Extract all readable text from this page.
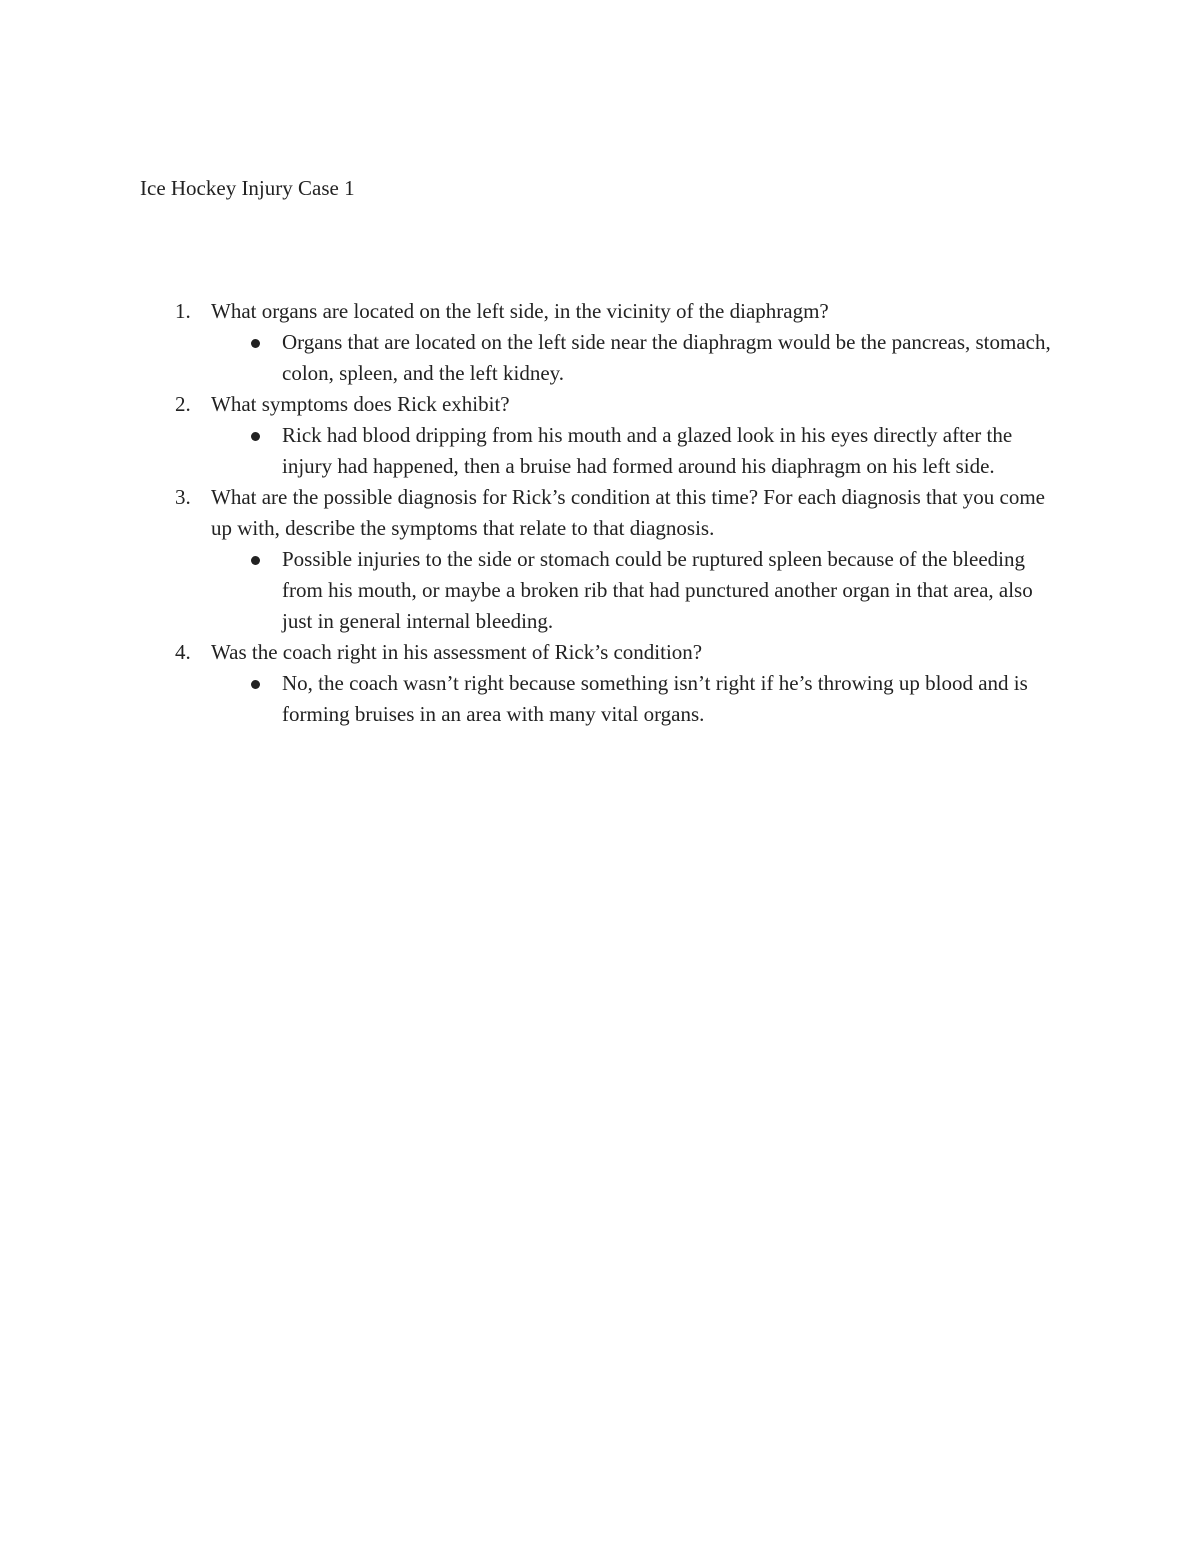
Ice Hockey Injury Case 1
1. What organs are located on the left side, in the vicinity of the diaphragm?
Organs that are located on the left side near the diaphragm would be the pancreas, stomach, colon, spleen, and the left kidney.
2. What symptoms does Rick exhibit?
Rick had blood dripping from his mouth and a glazed look in his eyes directly after the injury had happened, then a bruise had formed around his diaphragm on his left side.
3. What are the possible diagnosis for Rick’s condition at this time? For each diagnosis that you come up with, describe the symptoms that relate to that diagnosis.
Possible injuries to the side or stomach could be ruptured spleen because of the bleeding from his mouth, or maybe a broken rib that had punctured another organ in that area, also just in general internal bleeding.
4. Was the coach right in his assessment of Rick’s condition?
No, the coach wasn’t right because something isn’t right if he’s throwing up blood and is forming bruises in an area with many vital organs.
